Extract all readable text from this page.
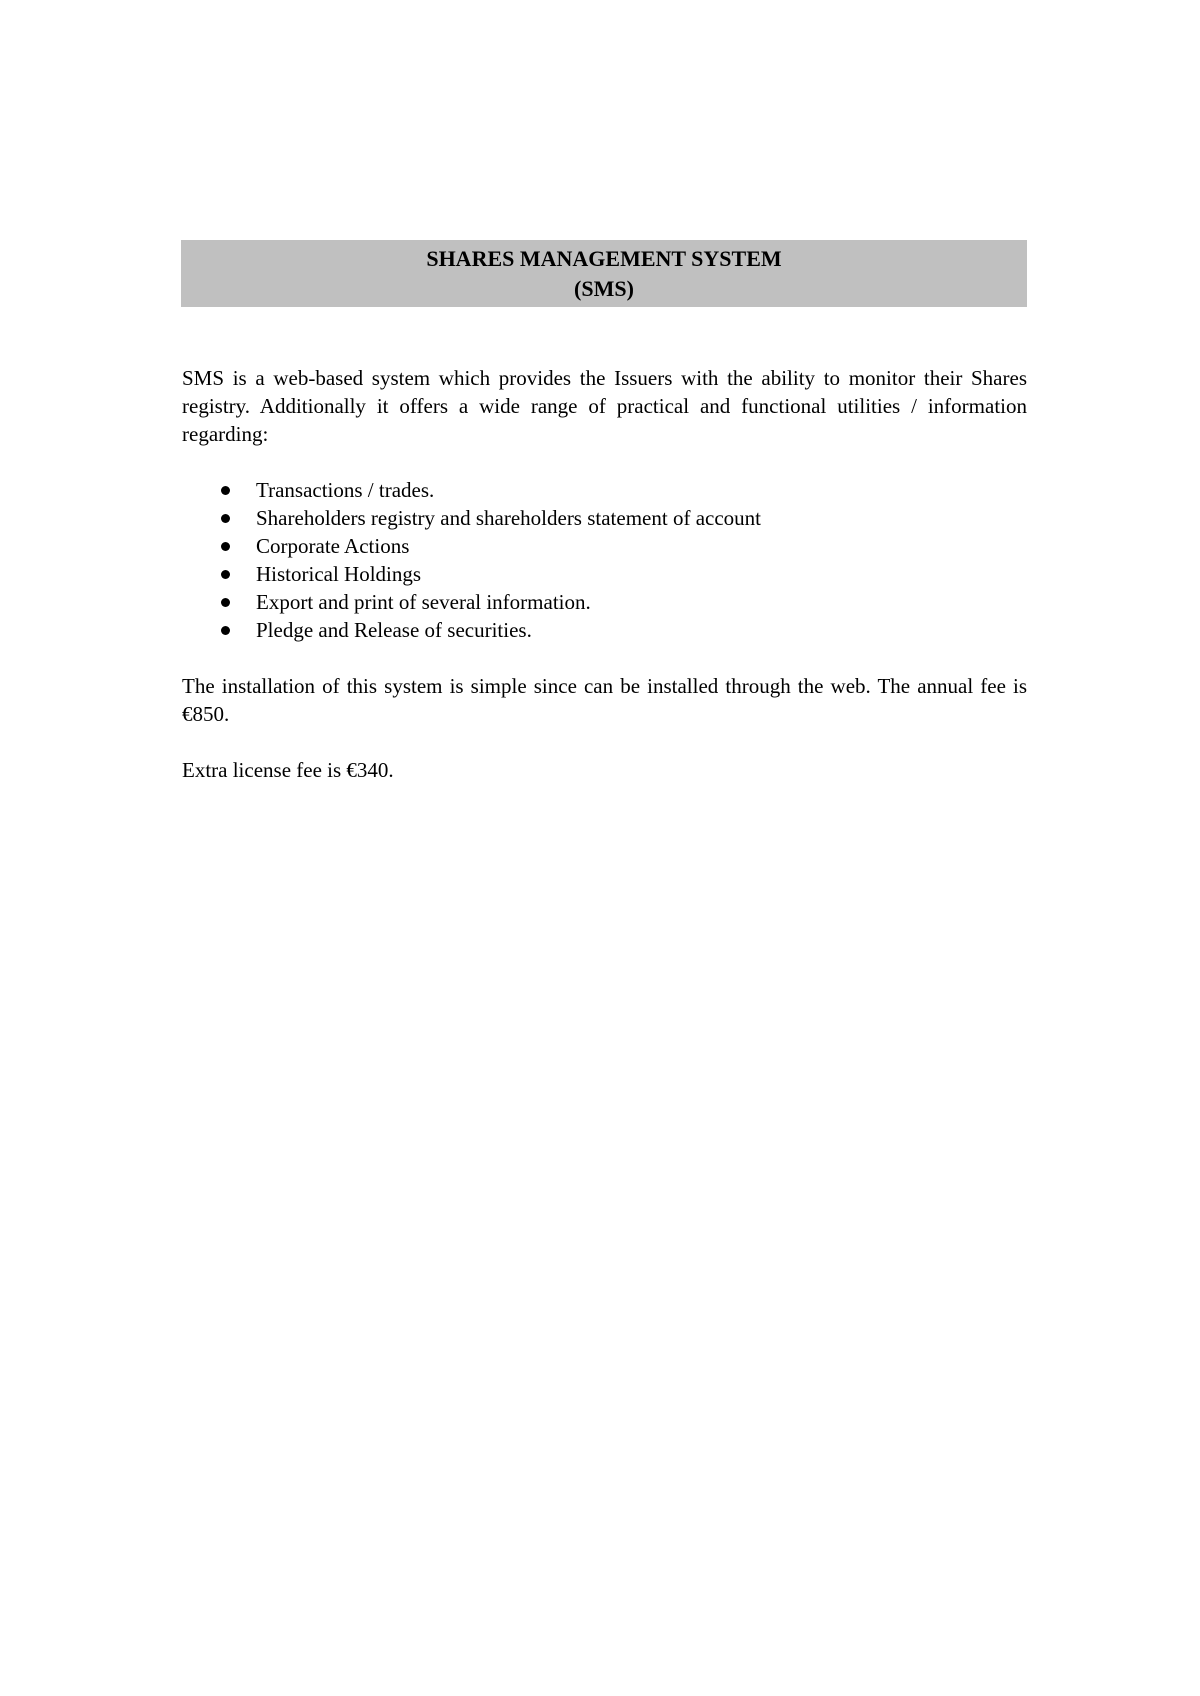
SHARES MANAGEMENT SYSTEM
(SMS)

SMS is a web-based system which provides the Issuers with the ability to monitor their Shares registry. Additionally it offers a wide range of practical and functional utilities / information regarding:

Transactions / trades.
Shareholders registry and shareholders statement of account
Corporate Actions
Historical Holdings
Export and print of several information.
Pledge and Release of securities.

The installation of this system is simple since can be installed through the web. The annual fee is €850.

Extra license fee is €340.
